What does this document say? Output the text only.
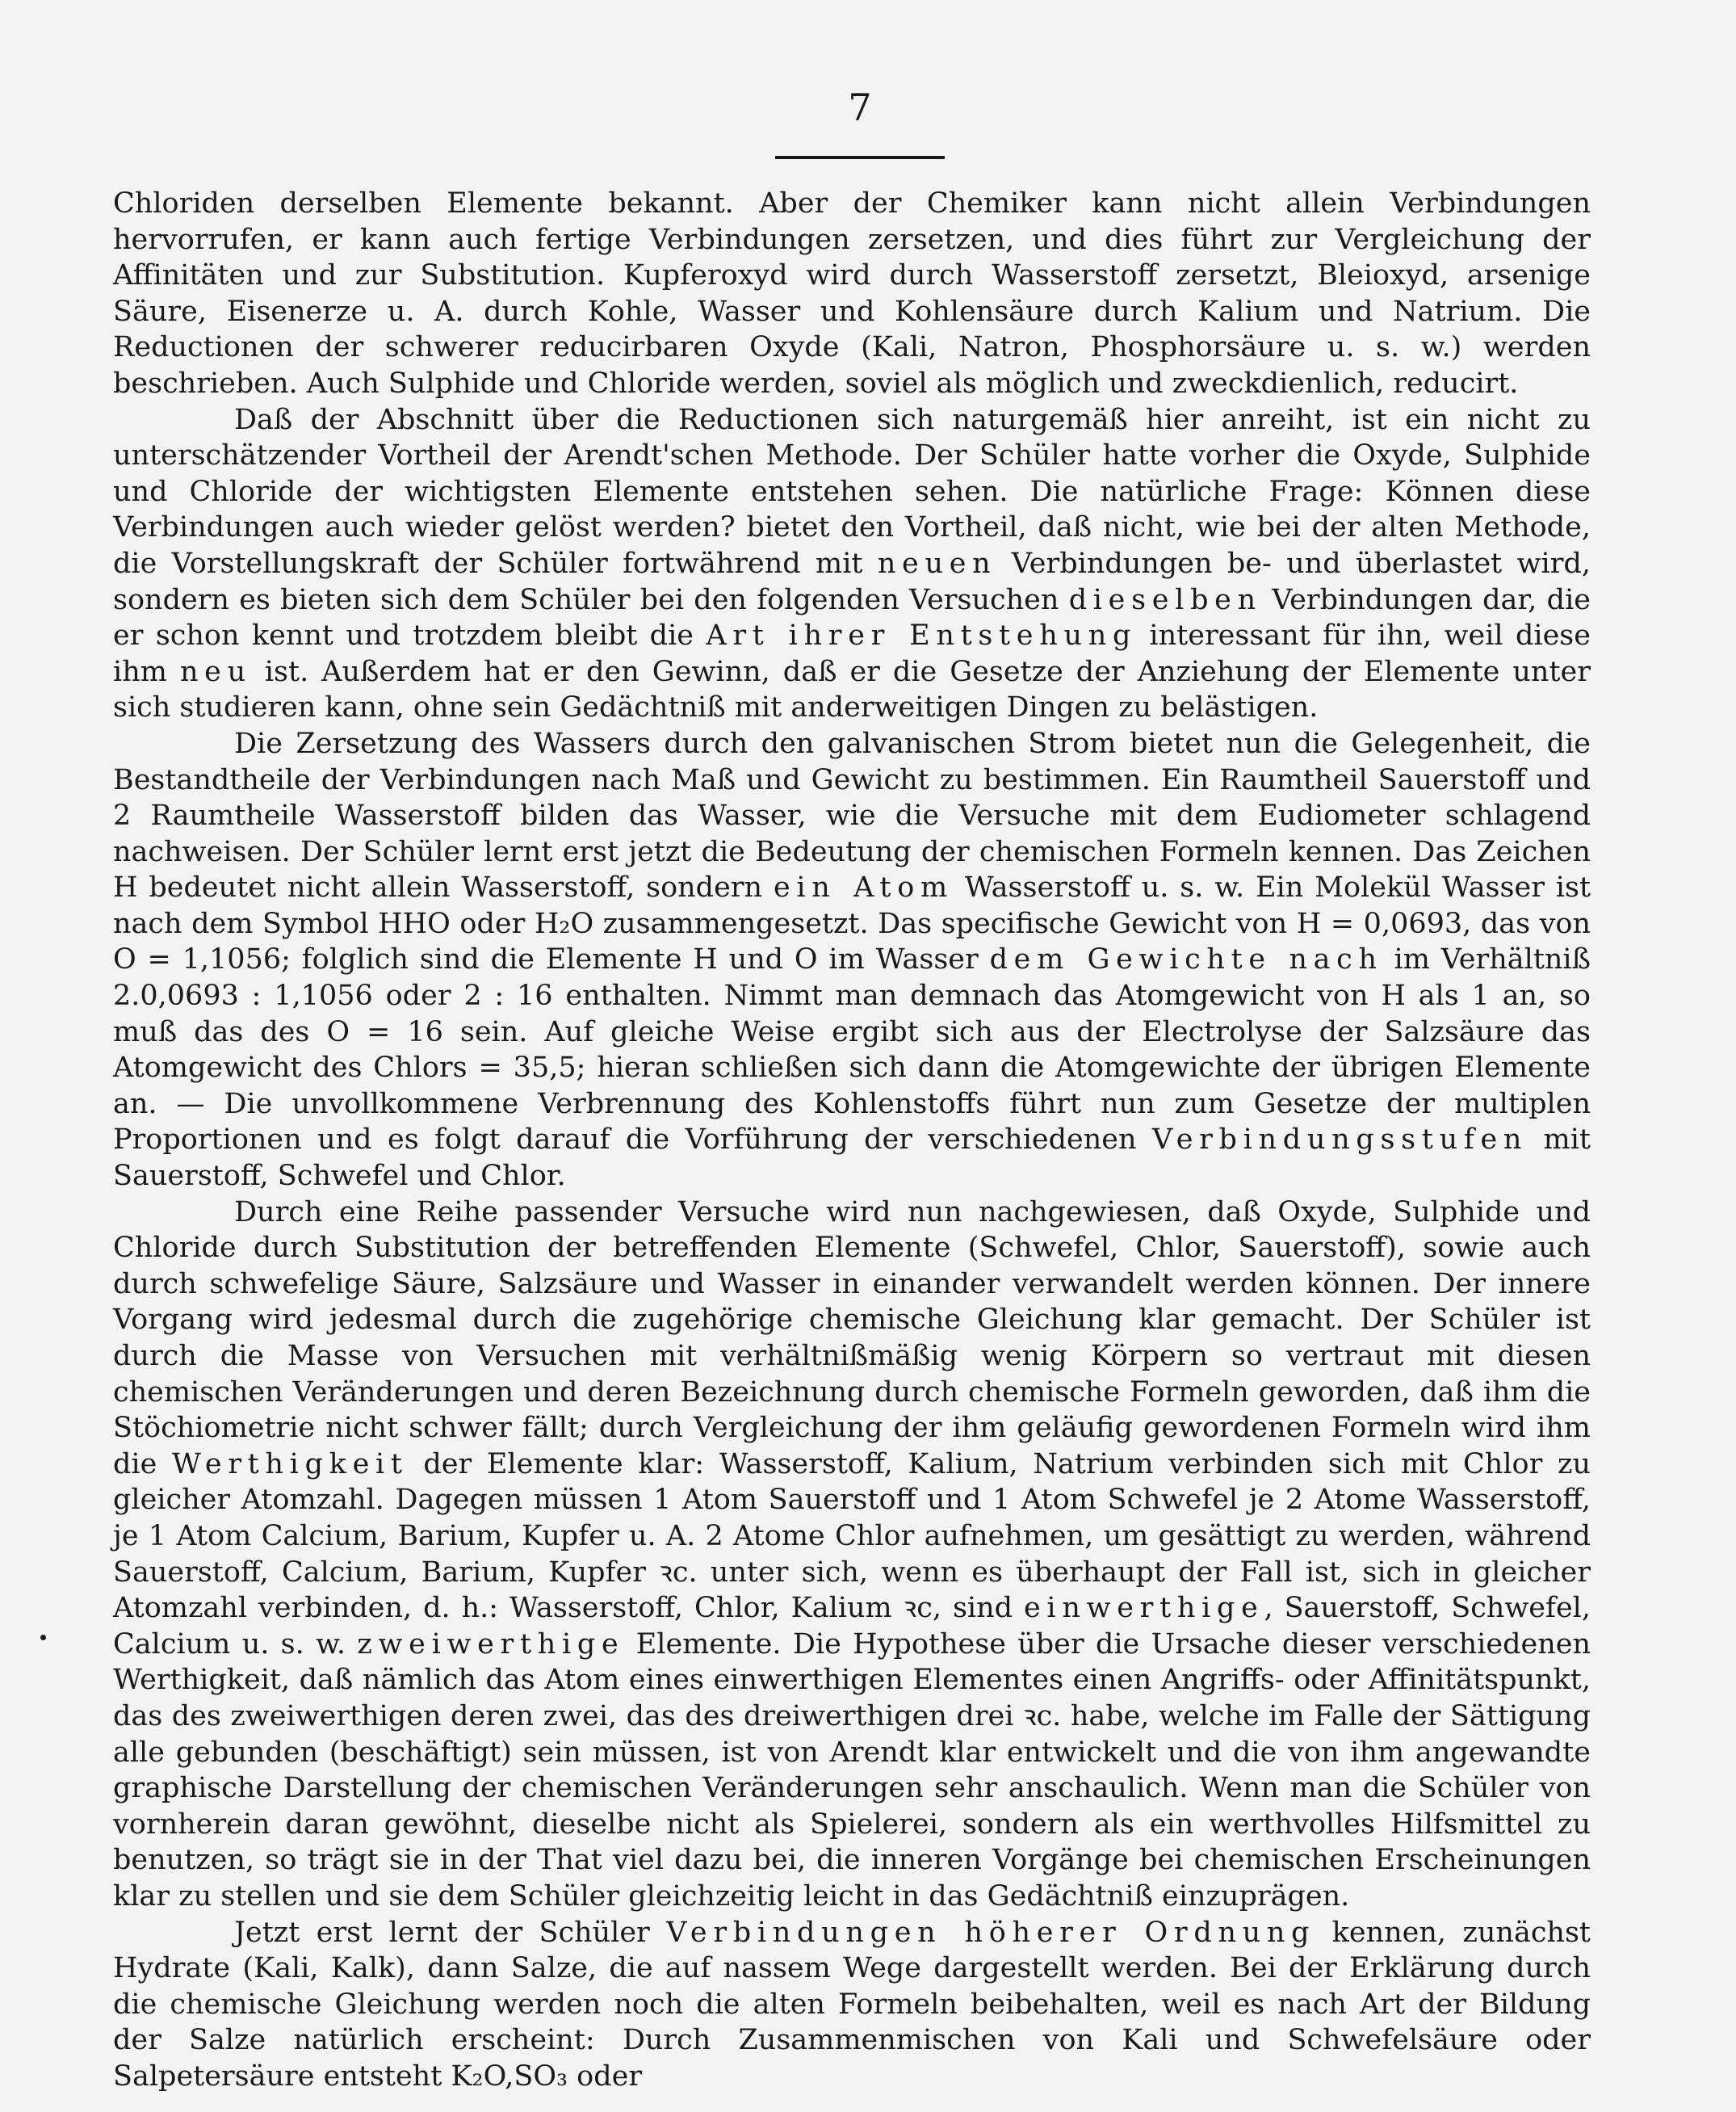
7

Chloriden derselben Elemente bekannt. Aber der Chemiker kann nicht allein Verbindungen hervorrufen, er kann auch fertige Verbindungen zersetzen, und dies führt zur Vergleichung der Affinitäten und zur Substitution. Kupferoxyd wird durch Wasserstoff zersetzt, Bleioxyd, arsenige Säure, Eisenerze u. A. durch Kohle, Wasser und Kohlensäure durch Kalium und Natrium. Die Reductionen der schwerer reducirbaren Oxyde (Kali, Natron, Phosphorsäure u. s. w.) werden beschrieben. Auch Sulphide und Chloride werden, soviel als möglich und zweckdienlich, reducirt.

Daß der Abschnitt über die Reductionen sich naturgemäß hier anreiht, ist ein nicht zu unterschätzender Vortheil der Arendt'schen Methode. Der Schüler hatte vorher die Oxyde, Sulphide und Chloride der wichtigsten Elemente entstehen sehen. Die natürliche Frage: Können diese Verbindungen auch wieder gelöst werden? bietet den Vortheil, daß nicht, wie bei der alten Methode, die Vorstellungskraft der Schüler fortwährend mit neuen Verbindungen be- und überlastet wird, sondern es bieten sich dem Schüler bei den folgenden Versuchen dieselben Verbindungen dar, die er schon kennt und trotzdem bleibt die Art ihrer Entstehung interessant für ihn, weil diese ihm neu ist. Außerdem hat er den Gewinn, daß er die Gesetze der Anziehung der Elemente unter sich studieren kann, ohne sein Gedächtniß mit anderweitigen Dingen zu belästigen.

Die Zersetzung des Wassers durch den galvanischen Strom bietet nun die Gelegenheit, die Bestandtheile der Verbindungen nach Maß und Gewicht zu bestimmen. Ein Raumtheil Sauerstoff und 2 Raumtheile Wasserstoff bilden das Wasser, wie die Versuche mit dem Eudiometer schlagend nachweisen. Der Schüler lernt erst jetzt die Bedeutung der chemischen Formeln kennen. Das Zeichen H bedeutet nicht allein Wasserstoff, sondern ein Atom Wasserstoff u. s. w. Ein Molekül Wasser ist nach dem Symbol HHO oder H₂O zusammengesetzt. Das specifische Gewicht von H = 0,0693, das von O = 1,1056; folglich sind die Elemente H und O im Wasser dem Gewichte nach im Verhältniß 2.0,0693 : 1,1056 oder 2 : 16 enthalten. Nimmt man demnach das Atomgewicht von H als 1 an, so muß das des O = 16 sein. Auf gleiche Weise ergibt sich aus der Electrolyse der Salzsäure das Atomgewicht des Chlors = 35,5; hieran schließen sich dann die Atomgewichte der übrigen Elemente an. — Die unvollkommene Verbrennung des Kohlenstoffs führt nun zum Gesetze der multiplen Proportionen und es folgt darauf die Vorführung der verschiedenen Verbindungsstufen mit Sauerstoff, Schwefel und Chlor.

Durch eine Reihe passender Versuche wird nun nachgewiesen, daß Oxyde, Sulphide und Chloride durch Substitution der betreffenden Elemente (Schwefel, Chlor, Sauerstoff), sowie auch durch schwefelige Säure, Salzsäure und Wasser in einander verwandelt werden können. Der innere Vorgang wird jedesmal durch die zugehörige chemische Gleichung klar gemacht. Der Schüler ist durch die Masse von Versuchen mit verhältnißmäßig wenig Körpern so vertraut mit diesen chemischen Veränderungen und deren Bezeichnung durch chemische Formeln geworden, daß ihm die Stöchiometrie nicht schwer fällt; durch Vergleichung der ihm geläufig gewordenen Formeln wird ihm die Werthigkeit der Elemente klar: Wasserstoff, Kalium, Natrium verbinden sich mit Chlor zu gleicher Atomzahl. Dagegen müssen 1 Atom Sauerstoff und 1 Atom Schwefel je 2 Atome Wasserstoff, je 1 Atom Calcium, Barium, Kupfer u. A. 2 Atome Chlor aufnehmen, um gesättigt zu werden, während Sauerstoff, Calcium, Barium, Kupfer ꝛc. unter sich, wenn es überhaupt der Fall ist, sich in gleicher Atomzahl verbinden, d. h.: Wasserstoff, Chlor, Kalium ꝛc, sind einwerthige, Sauerstoff, Schwefel, Calcium u. s. w. zweiwerthige Elemente. Die Hypothese über die Ursache dieser verschiedenen Werthigkeit, daß nämlich das Atom eines einwerthigen Elementes einen Angriffs- oder Affinitätspunkt, das des zweiwerthigen deren zwei, das des dreiwerthigen drei ꝛc. habe, welche im Falle der Sättigung alle gebunden (beschäftigt) sein müssen, ist von Arendt klar entwickelt und die von ihm angewandte graphische Darstellung der chemischen Veränderungen sehr anschaulich. Wenn man die Schüler von vornherein daran gewöhnt, dieselbe nicht als Spielerei, sondern als ein werthvolles Hilfsmittel zu benutzen, so trägt sie in der That viel dazu bei, die inneren Vorgänge bei chemischen Erscheinungen klar zu stellen und sie dem Schüler gleichzeitig leicht in das Gedächtniß einzuprägen.

Jetzt erst lernt der Schüler Verbindungen höherer Ordnung kennen, zunächst Hydrate (Kali, Kalk), dann Salze, die auf nassem Wege dargestellt werden. Bei der Erklärung durch die chemische Gleichung werden noch die alten Formeln beibehalten, weil es nach Art der Bildung der Salze natürlich erscheint: Durch Zusammenmischen von Kali und Schwefelsäure oder Salpetersäure entsteht K₂O,SO₃ oder
